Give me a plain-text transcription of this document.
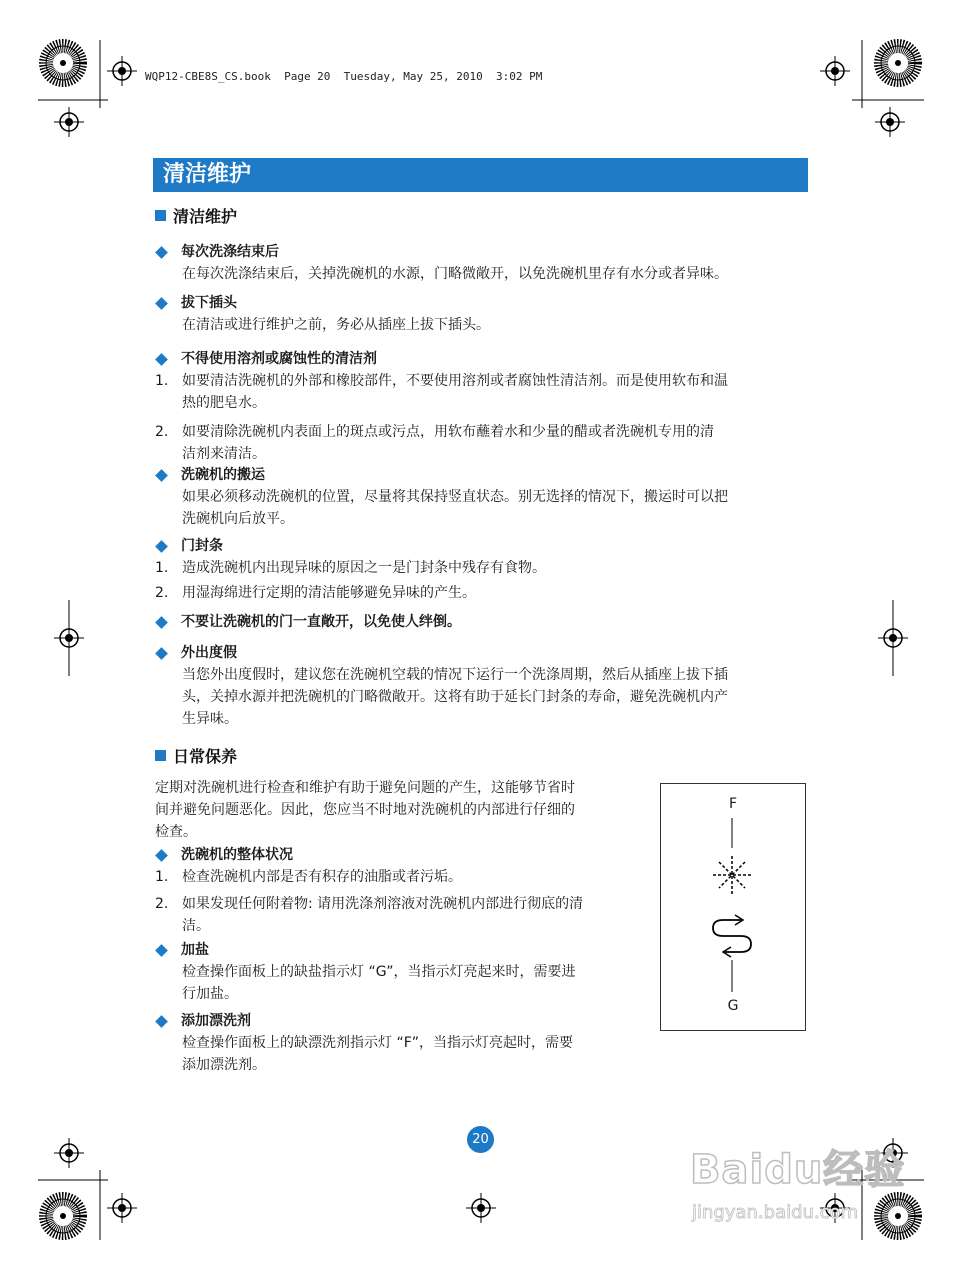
WQP12-CBE8S_CS.book  Page 20  Tuesday, May 25, 2010  3:02 PM
清洁维护
清洁维护
每次洗涤结束后
在每次洗涤结束后，关掉洗碗机的水源，门略微敞开，以免洗碗机里存有水分或者异味。
拔下插头
在清洁或进行维护之前，务必从插座上拔下插头。
不得使用溶剂或腐蚀性的清洁剂
1. 如要清洁洗碗机的外部和橡胶部件，不要使用溶剂或者腐蚀性清洁剂。而是使用软布和温
热的肥皂水。
2. 如要清除洗碗机内表面上的斑点或污点，用软布蘸着水和少量的醋或者洗碗机专用的清
洁剂来清洁。
洗碗机的搬运
如果必须移动洗碗机的位置，尽量将其保持竖直状态。别无选择的情况下，搬运时可以把
洗碗机向后放平。
门封条
1. 造成洗碗机内出现异味的原因之一是门封条中残存有食物。
2. 用湿海绵进行定期的清洁能够避免异味的产生。
不要让洗碗机的门一直敞开，以免使人绊倒。
外出度假
当您外出度假时，建议您在洗碗机空载的情况下运行一个洗涤周期，然后从插座上拔下插
头，关掉水源并把洗碗机的门略微敞开。这将有助于延长门封条的寿命，避免洗碗机内产
生异味。
日常保养
定期对洗碗机进行检查和维护有助于避免问题的产生，这能够节省时
间并避免问题恶化。因此，您应当不时地对洗碗机的内部进行仔细的
检查。
洗碗机的整体状况
1. 检查洗碗机内部是否有积存的油脂或者污垢。
2. 如果发现任何附着物: 请用洗涤剂溶液对洗碗机内部进行彻底的清
洁。
加盐
检查操作面板上的缺盐指示灯 “G”，当指示灯亮起来时，需要进
行加盐。
添加漂洗剂
检查操作面板上的缺漂洗剂指示灯 “F”，当指示灯亮起时，需要
添加漂洗剂。
F
G
20
Baidu经验
jingyan.baidu.com
